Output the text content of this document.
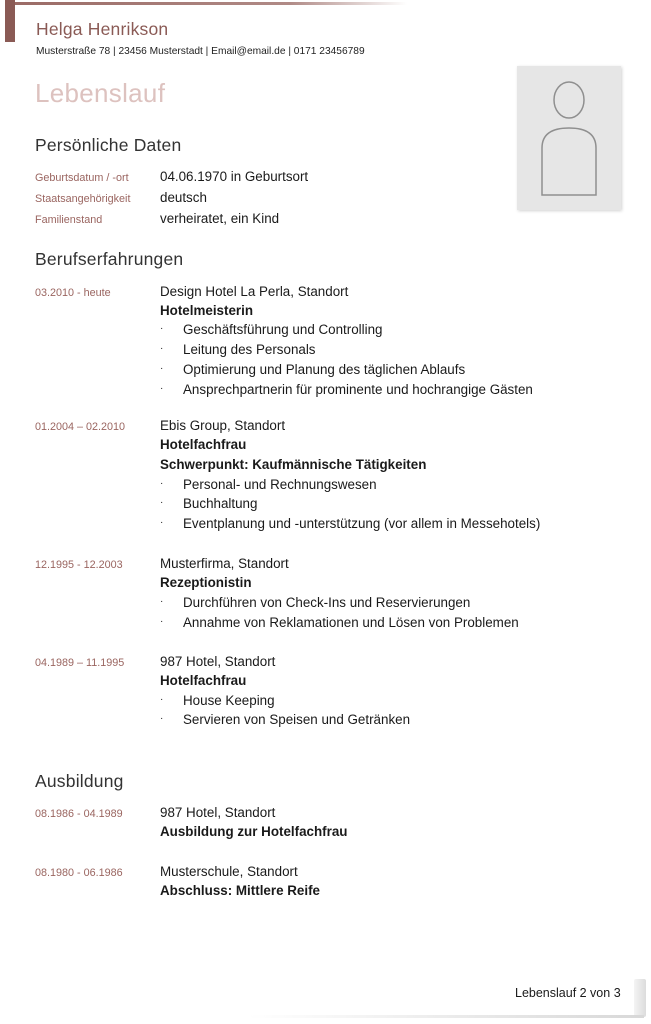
Helga Henrikson
Musterstraße 78 | 23456 Musterstadt | Email@email.de | 0171 23456789
Lebenslauf
Persönliche Daten
Geburtsdatum / -ort 04.06.1970 in Geburtsort
Staatsangehörigkeit deutsch
Familienstand	verheiratet, ein Kind
Berufserfahrungen
03.2010 - heute	Design Hotel La Perla, Standort
Hotelmeisterin
· Geschäftsführung und Controlling
· Leitung des Personals
· Optimierung und Planung des täglichen Ablaufs
· Ansprechpartnerin für prominente und hochrangige Gästen
01.2004 – 02.2010	Ebis Group, Standort
Hotelfachfrau
Schwerpunkt: Kaufmännische Tätigkeiten
· Personal- und Rechnungswesen
· Buchhaltung
· Eventplanung und -unterstützung (vor allem in Messehotels)
12.1995 - 12.2003	Musterfirma, Standort
Rezeptionistin
· Durchführen von Check-Ins und Reservierungen
· Annahme von Reklamationen und Lösen von Problemen
04.1989 – 11.1995	987 Hotel, Standort
Hotelfachfrau
· House Keeping
· Servieren von Speisen und Getränken
Ausbildung
08.1986 - 04.1989	987 Hotel, Standort
Ausbildung zur Hotelfachfrau
08.1980 - 06.1986	Musterschule, Standort
Abschluss: Mittlere Reife
Lebenslauf 2 von 3
